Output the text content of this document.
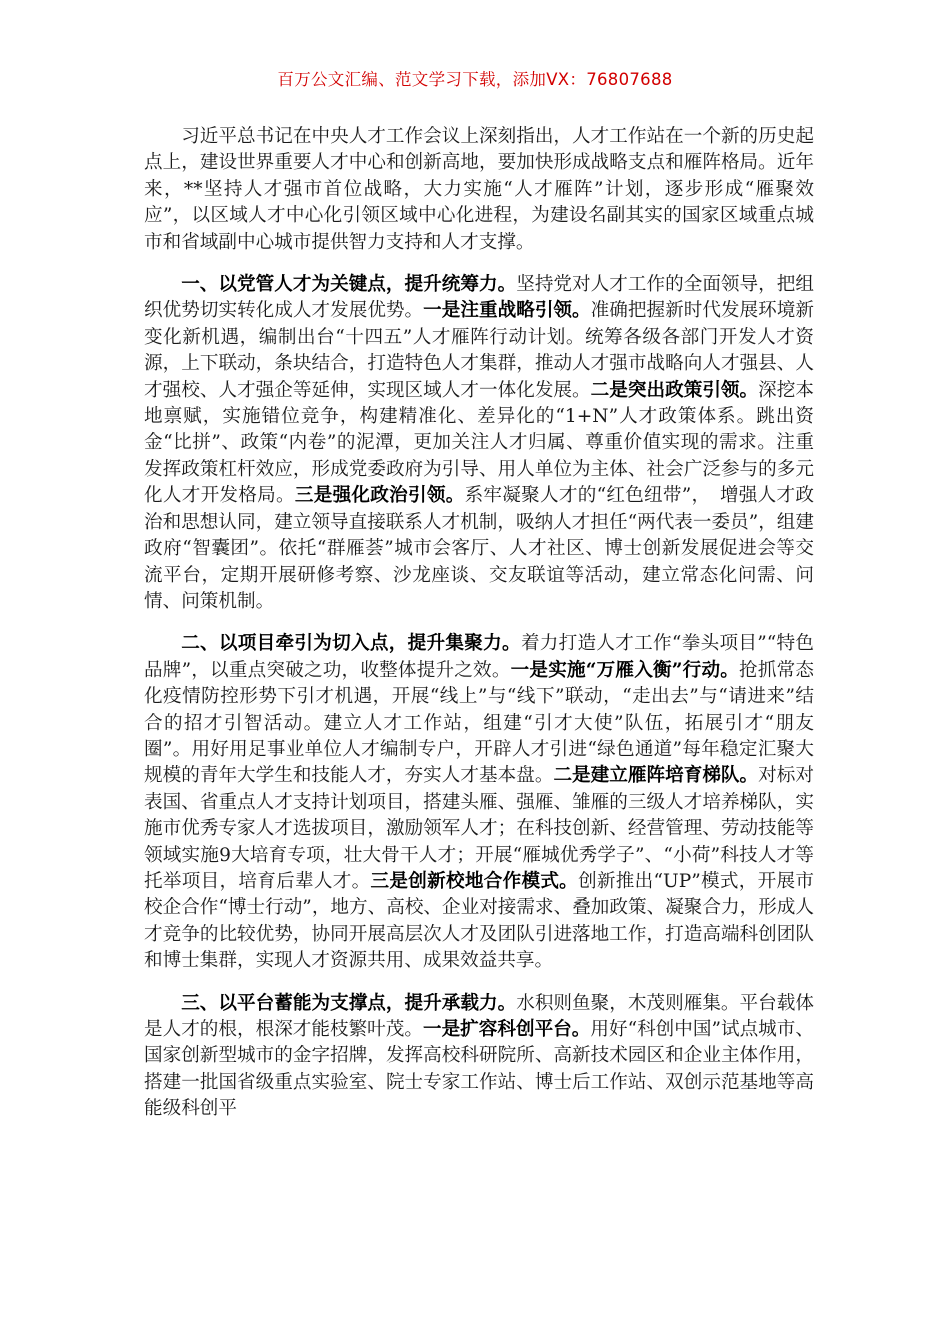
百万公文汇编、范文学习下载，添加VX：76807688

习近平总书记在中央人才工作会议上深刻指出，人才工作站在一个新的历史起点上，建设世界重要人才中心和创新高地，要加快形成战略支点和雁阵格局。近年来，**坚持人才强市首位战略，大力实施“人才雁阵”计划，逐步形成“雁聚效应”，以区域人才中心化引领区域中心化进程，为建设名副其实的国家区域重点城市和省域副中心城市提供智力支持和人才支撑。

一、以党管人才为关键点，提升统筹力。坚持党对人才工作的全面领导，把组织优势切实转化成人才发展优势。一是注重战略引领。准确把握新时代发展环境新变化新机遇，编制出台“十四五”人才雁阵行动计划。统筹各级各部门开发人才资源，上下联动，条块结合，打造特色人才集群，推动人才强市战略向人才强县、人才强校、人才强企等延伸，实现区域人才一体化发展。二是突出政策引领。深挖本地禀赋，实施错位竞争，构建精准化、差异化的“1+N”人才政策体系。跳出资金“比拼”、政策“内卷”的泥潭，更加关注人才归属、尊重价值实现的需求。注重发挥政策杠杆效应，形成党委政府为引导、用人单位为主体、社会广泛参与的多元化人才开发格局。三是强化政治引领。系牢凝聚人才的“红色纽带”，　增强人才政治和思想认同，建立领导直接联系人才机制，吸纳人才担任“两代表一委员”，组建政府“智囊团”。依托“群雁荟”城市会客厅、人才社区、博士创新发展促进会等交流平台，定期开展研修考察、沙龙座谈、交友联谊等活动，建立常态化问需、问情、问策机制。

二、以项目牵引为切入点，提升集聚力。着力打造人才工作“拳头项目”“特色品牌”，以重点突破之功，收整体提升之效。一是实施“万雁入衡”行动。抢抓常态化疫情防控形势下引才机遇，开展“线上”与“线下”联动，“走出去”与“请进来”结合的招才引智活动。建立人才工作站，组建“引才大使”队伍，拓展引才“朋友圈”。用好用足事业单位人才编制专户，开辟人才引进“绿色通道”每年稳定汇聚大规模的青年大学生和技能人才，夯实人才基本盘。二是建立雁阵培育梯队。对标对表国、省重点人才支持计划项目，搭建头雁、强雁、雏雁的三级人才培养梯队，实施市优秀专家人才选拔项目，激励领军人才；在科技创新、经营管理、劳动技能等领域实施9大培育专项，壮大骨干人才；开展“雁城优秀学子”、“小荷”科技人才等托举项目，培育后辈人才。三是创新校地合作模式。创新推出“UP”模式，开展市校企合作“博士行动”，地方、高校、企业对接需求、叠加政策、凝聚合力，形成人才竞争的比较优势，协同开展高层次人才及团队引进落地工作，打造高端科创团队和博士集群，实现人才资源共用、成果效益共享。

三、以平台蓄能为支撑点，提升承载力。水积则鱼聚，木茂则雁集。平台载体是人才的根，根深才能枝繁叶茂。一是扩容科创平台。用好“科创中国”试点城市、国家创新型城市的金字招牌，发挥高校科研院所、高新技术园区和企业主体作用，搭建一批国省级重点实验室、院士专家工作站、博士后工作站、双创示范基地等高能级科创平
